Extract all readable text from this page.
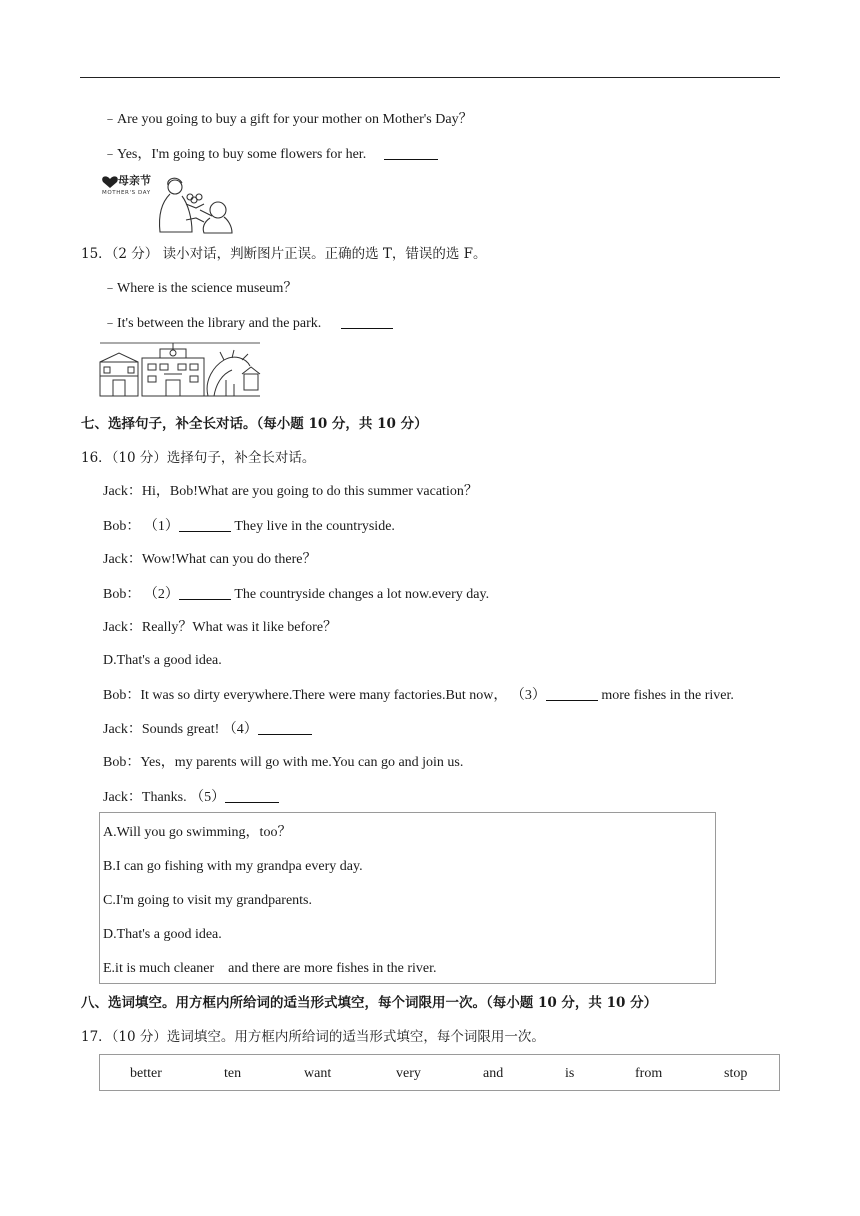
﹣Are you going to buy a gift for your mother on Mother's Day？
﹣Yes，I'm going to buy some flowers for her.
母亲节
MOTHER'S DAY
15．（2 分） 读小对话，判断图片正误。正确的选 T，错误的选 F。
﹣Where is the science museum？
﹣It's between the library and the park.
七、选择句子，补全长对话。（每小题 10 分，共 10 分）
16．（10 分）选择句子，补全长对话。
Jack：Hi，Bob!What are you going to do this summer vacation？
Bob： （1）	They live in the countryside.
Jack：Wow!What can you do there？
Bob： （2）	The countryside changes a lot now.every day.
Jack：Really？What was it like before？
D.That's a good idea.
Bob：It was so dirty everywhere.There were many factories.But now， （3）	more fishes in the river.
Jack：Sounds great! （4）
Bob：Yes，my parents will go with me.You can go and join us.
Jack：Thanks. （5）
A.Will you go swimming，too？
B.I can go fishing with my grandpa every day.
C.I'm going to visit my grandparents.
D.That's a good idea.
E.it is much cleaner    and there are more fishes in the river.
八、选词填空。用方框内所给词的适当形式填空，每个词限用一次。（每小题 10 分，共 10 分）
17．（10 分）选词填空。用方框内所给词的适当形式填空，每个词限用一次。
better	ten	want	very	and	is	from	stop
